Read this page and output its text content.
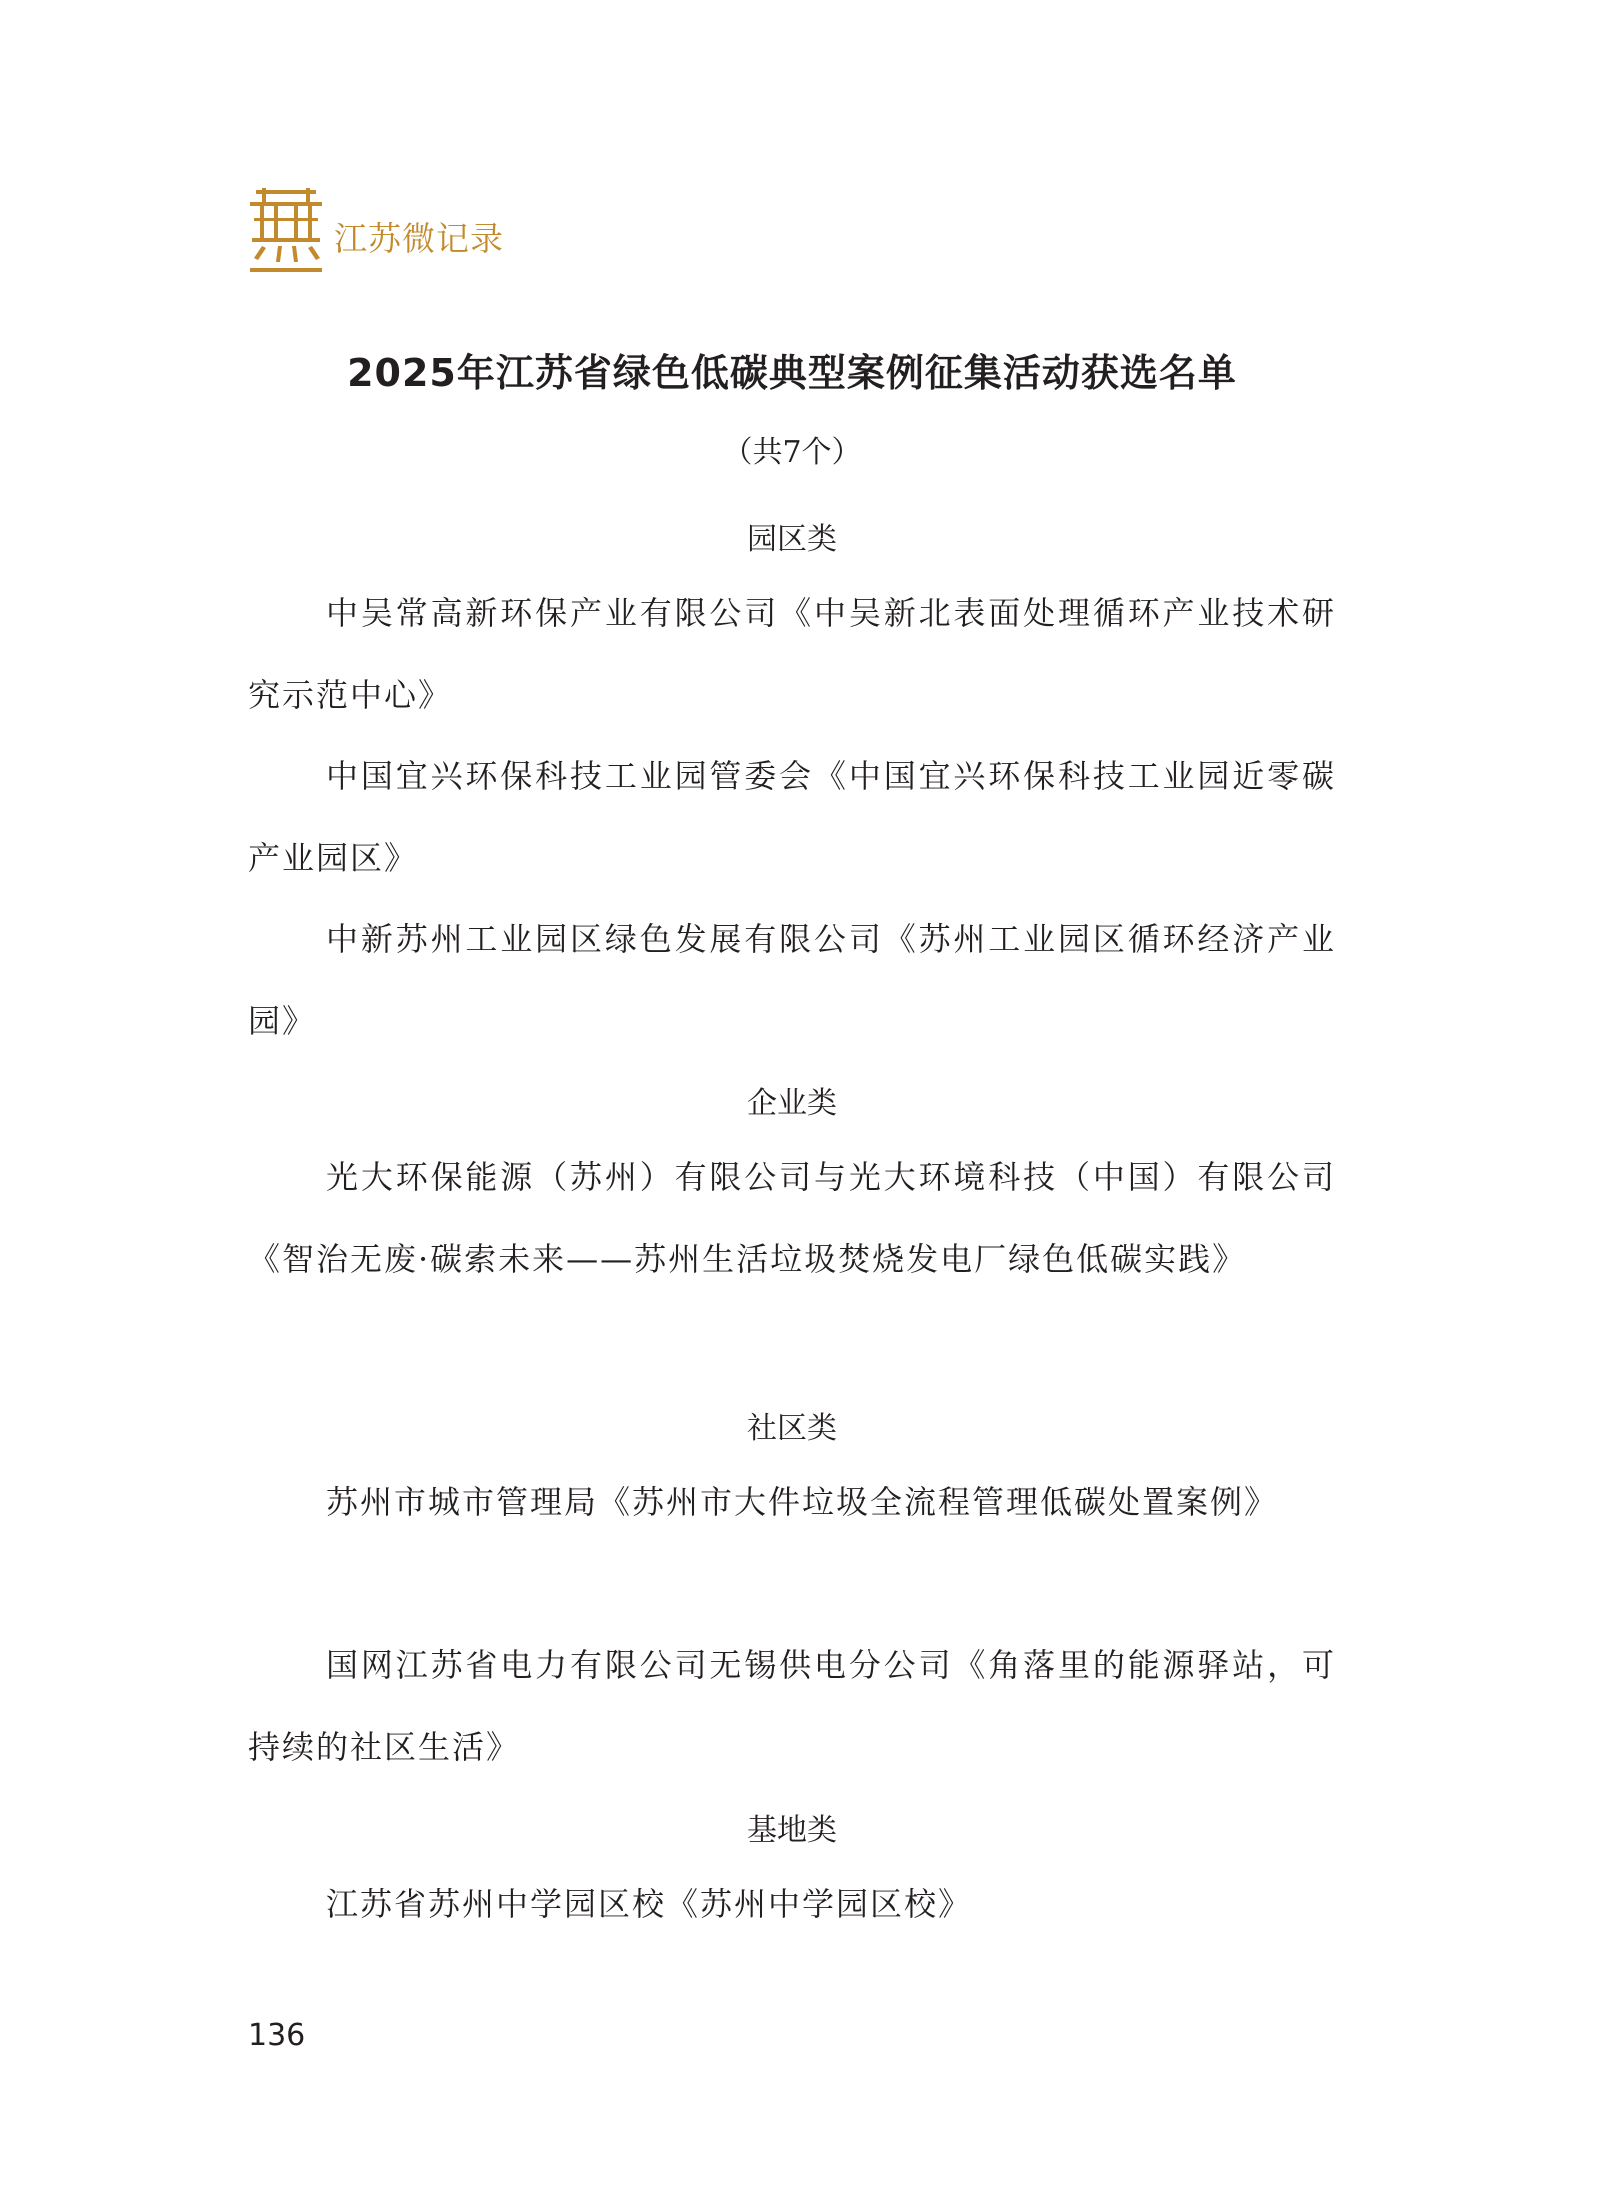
江苏微记录
2025年江苏省绿色低碳典型案例征集活动获选名单
（共7个）
园区类

中吴常高新环保产业有限公司《中吴新北表面处理循环产业技术研究示范中心》

中国宜兴环保科技工业园管委会《中国宜兴环保科技工业园近零碳产业园区》

中新苏州工业园区绿色发展有限公司《苏州工业园区循环经济产业园》

企业类

光大环保能源（苏州）有限公司与光大环境科技（中国）有限公司《智治无废·碳索未来——苏州生活垃圾焚烧发电厂绿色低碳实践》

社区类

苏州市城市管理局《苏州市大件垃圾全流程管理低碳处置案例》

国网江苏省电力有限公司无锡供电分公司《角落里的能源驿站，可持续的社区生活》

基地类

江苏省苏州中学园区校《苏州中学园区校》

136
